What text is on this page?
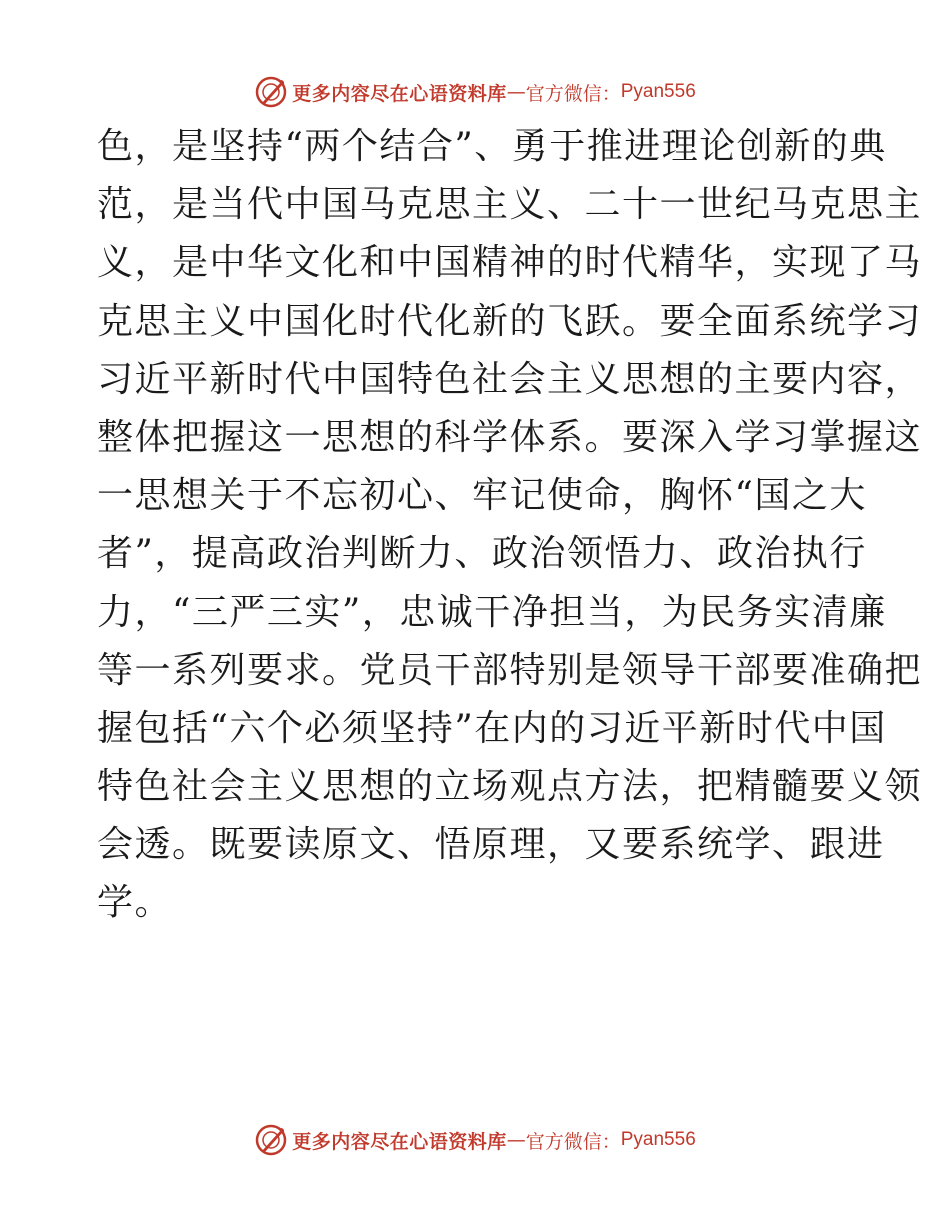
更多内容尽在心语资料库 — 官方微信： Pyan556
色，是坚持“两个结合”、勇于推进理论创新的典
范，是当代中国马克思主义、二十一世纪马克思主
义，是中华文化和中国精神的时代精华，实现了马
克思主义中国化时代化新的飞跃。要全面系统学习
习近平新时代中国特色社会主义思想的主要内容，
整体把握这一思想的科学体系。要深入学习掌握这
一思想关于不忘初心、牢记使命，胸怀“国之大
者”，提高政治判断力、政治领悟力、政治执行
力，“三严三实”，忠诚干净担当，为民务实清廉
等一系列要求。党员干部特别是领导干部要准确把
握包括“六个必须坚持”在内的习近平新时代中国
特色社会主义思想的立场观点方法，把精髓要义领
会透。既要读原文、悟原理，又要系统学、跟进
学。
更多内容尽在心语资料库 — 官方微信： Pyan556
